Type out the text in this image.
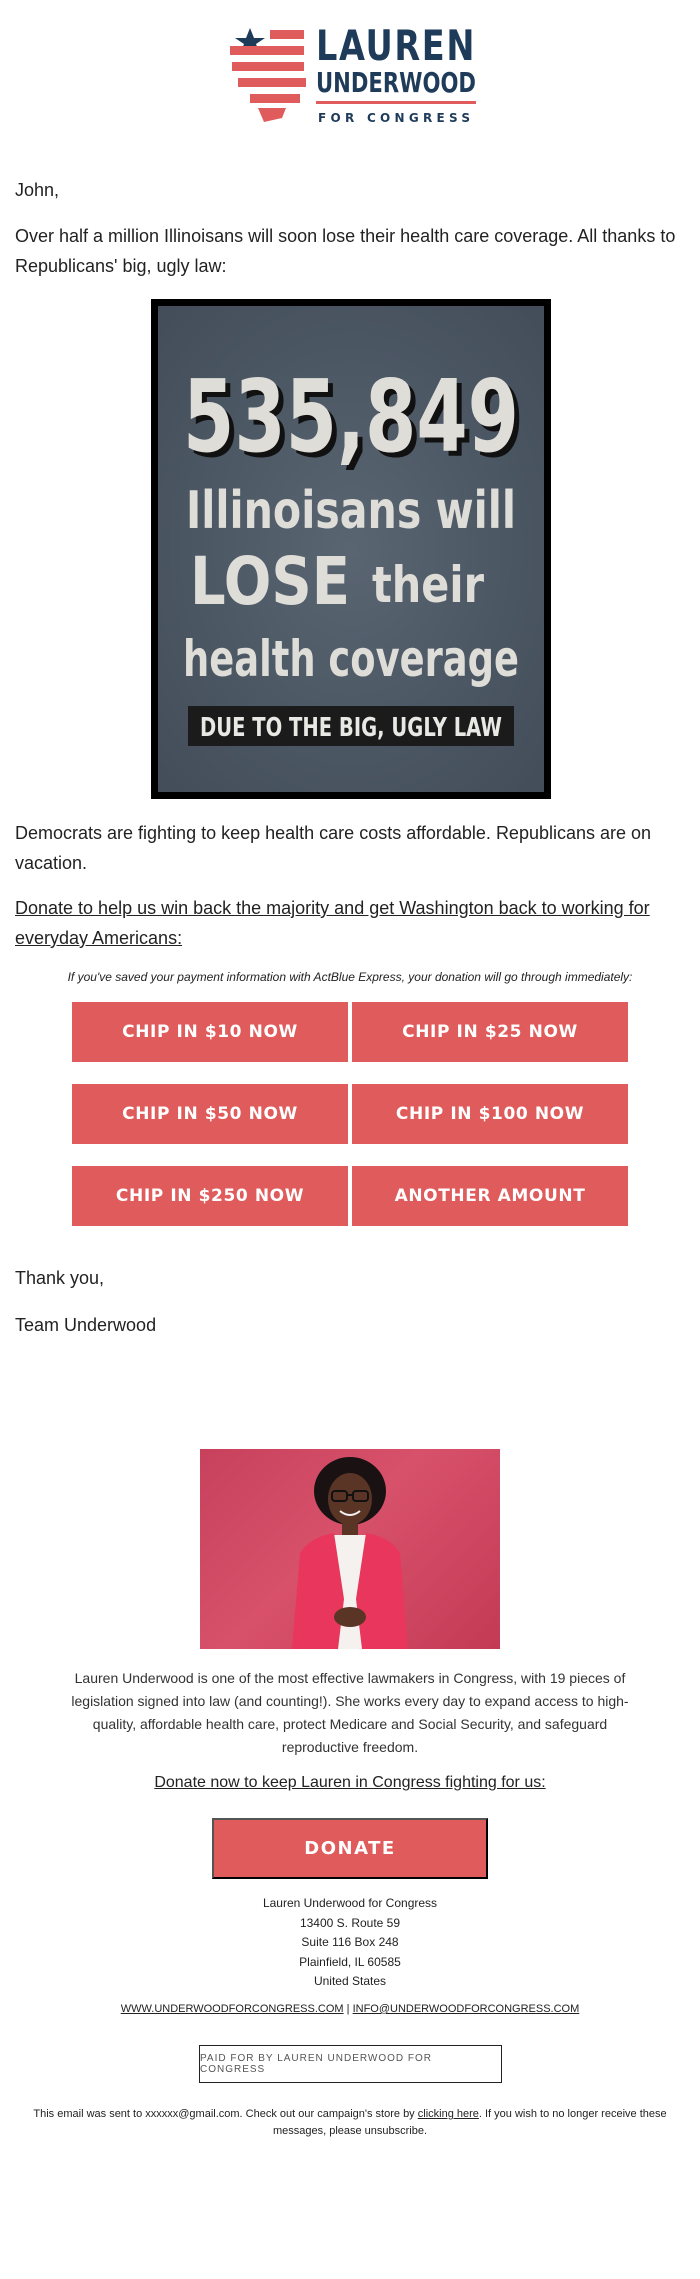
LAUREN
UNDERWOOD
FOR CONGRESS
John,
Over half a million Illinoisans will soon lose their health care coverage. All thanks to Republicans' big, ugly law:
535,849
535,849
Illinoisans will
LOSE their
health coverage
DUE TO THE BIG, UGLY LAW
Democrats are fighting to keep health care costs affordable. Republicans are on vacation.
Donate to help us win back the majority and get Washington back to working for everyday Americans:
If you've saved your payment information with ActBlue Express, your donation will go through immediately:
CHIP IN $10 NOW	CHIP IN $25 NOW
CHIP IN $50 NOW	CHIP IN $100 NOW
CHIP IN $250 NOW	ANOTHER AMOUNT
Thank you,
Team Underwood
Lauren Underwood is one of the most effective lawmakers in Congress, with 19 pieces of legislation signed into law (and counting!). She works every day to expand access to high-quality, affordable health care, protect Medicare and Social Security, and safeguard reproductive freedom.
Donate now to keep Lauren in Congress fighting for us:
DONATE
Lauren Underwood for Congress
13400 S. Route 59
Suite 116 Box 248
Plainfield, IL 60585
United States
WWW.UNDERWOODFORCONGRESS.COM | INFO@UNDERWOODFORCONGRESS.COM
PAID FOR BY LAUREN UNDERWOOD FOR CONGRESS
This email was sent to xxxxxx@gmail.com. Check out our campaign's store by clicking here. If you wish to no longer receive these messages, please unsubscribe.
